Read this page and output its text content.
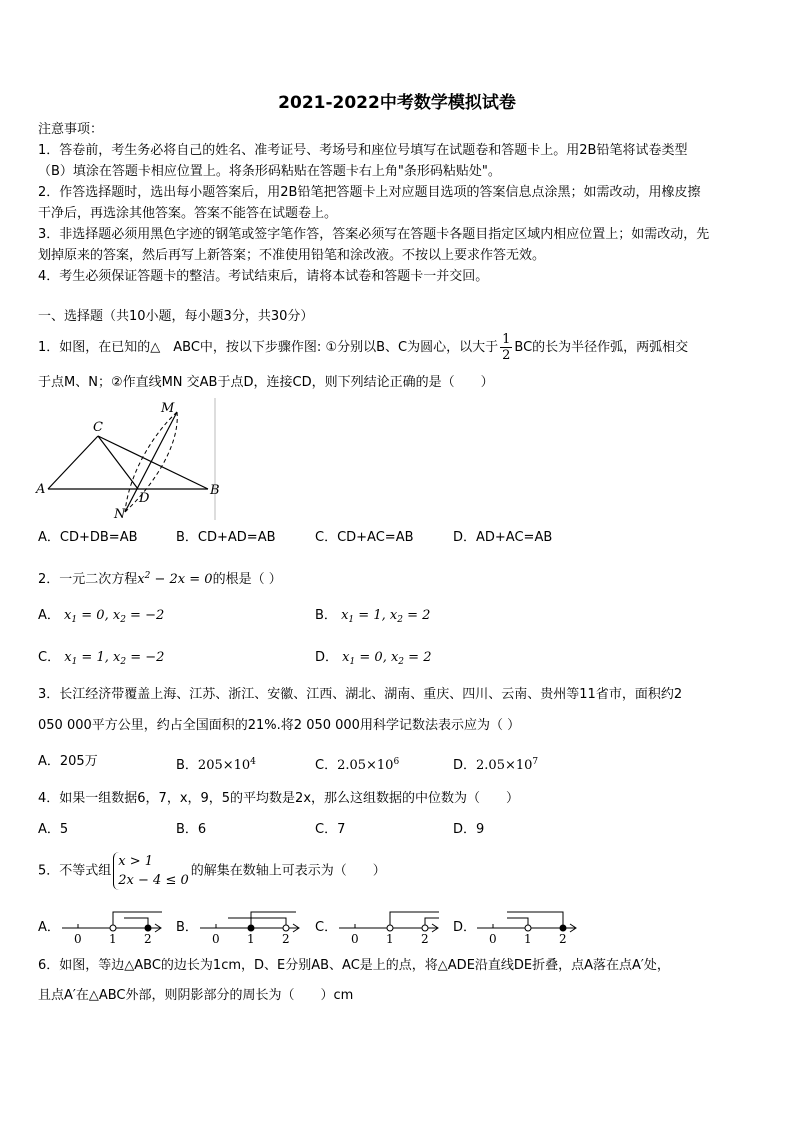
2021-2022中考数学模拟试卷
注意事项：
1．答卷前，考生务必将自己的姓名、准考证号、考场号和座位号填写在试题卷和答题卡上。用2B铅笔将试卷类型
（B）填涂在答题卡相应位置上。将条形码粘贴在答题卡右上角"条形码粘贴处"。
2．作答选择题时，选出每小题答案后，用2B铅笔把答题卡上对应题目选项的答案信息点涂黑；如需改动，用橡皮擦
干净后，再选涂其他答案。答案不能答在试题卷上。
3．非选择题必须用黑色字迹的钢笔或签字笔作答，答案必须写在答题卡各题目指定区域内相应位置上；如需改动，先
划掉原来的答案，然后再写上新答案；不准使用铅笔和涂改液。不按以上要求作答无效。
4．考生必须保证答题卡的整洁。考试结束后，请将本试卷和答题卡一并交回。
一、选择题（共10小题，每小题3分，共30分）
1．如图，在已知的△　ABC中，按以下步骤作图: ①分别以B、C为圆心，以大于 $\frac{1}{2}$ BC的长为半径作弧，两弧相交
于点M、N；②作直线MN 交AB于点D，连接CD，则下列结论正确的是（　　）
M
C
A	B
D
N
A．CD+DB=AB	B．CD+AD=AB	C．CD+AC=AB	D．AD+AC=AB
2．一元二次方程$x^2 - 2x = 0$的根是（ ）
A． $x_1 = 0$, $x_2 = -2$	B． $x_1 = 1$, $x_2 = 2$
C． $x_1 = 1$, $x_2 = -2$	D． $x_1 = 0$, $x_2 = 2$
3．长江经济带覆盖上海、江苏、浙江、安徽、江西、湖北、湖南、重庆、四川、云南、贵州等11省市，面积约2
050 000平方公里，约占全国面积的21%.将2 050 000用科学记数法表示应为（ ）
A．205万	B．$205\times 10^4$	C．$2.05\times 10^6$	D．$2.05\times 10^7$
4．如果一组数据6，7，x，9，5的平均数是2x，那么这组数据的中位数为（　　）
A．5	B．6	C．7	D．9
5．不等式组
x > 1
2x − 4 ≤ 0
的解集在数轴上可表示为（　　）
A．
0 1 2
B．
0 1 2
C．
0 1 2
D．
0 1 2
6．如图，等边△ABC的边长为1cm，D、E分别AB、AC是上的点，将△ADE沿直线DE折叠，点A落在点A′处，
且点A′在△ABC外部，则阴影部分的周长为（　　）cm
